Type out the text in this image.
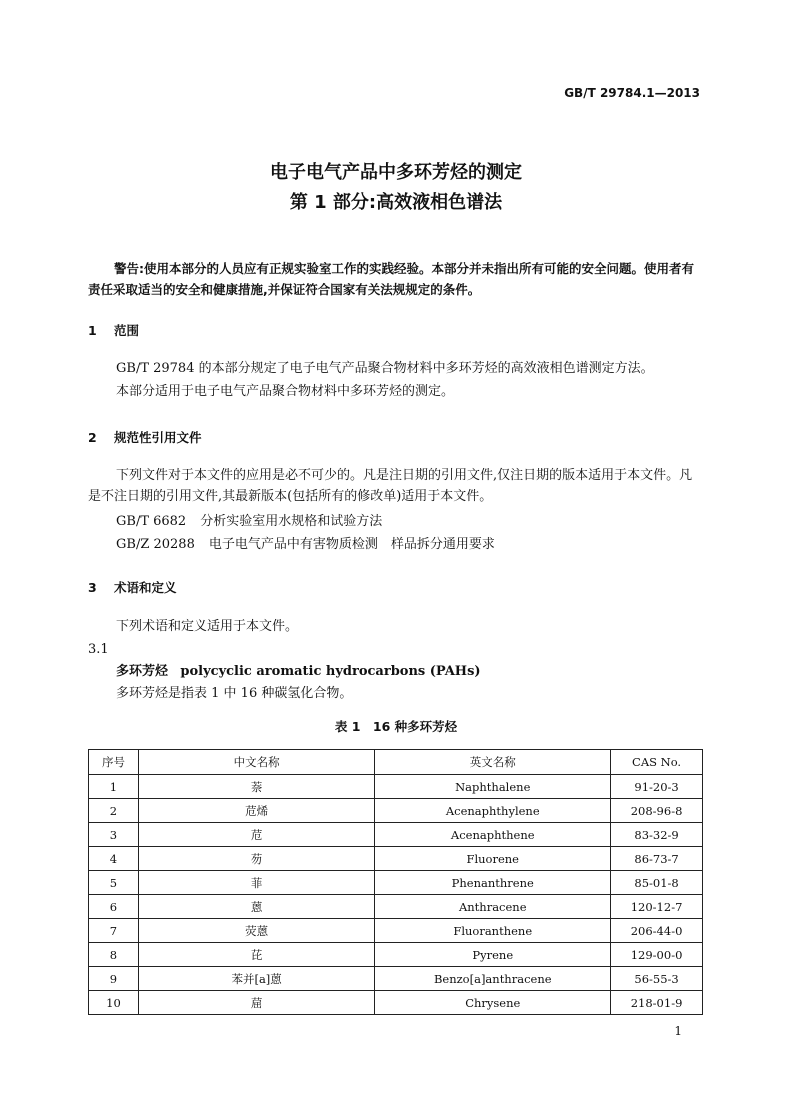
GB/T 29784.1—2013
电子电气产品中多环芳烃的测定
第 1 部分:高效液相色谱法
警告:使用本部分的人员应有正规实验室工作的实践经验。本部分并未指出所有可能的安全问题。使用者有责任采取适当的安全和健康措施,并保证符合国家有关法规规定的条件。
1 范围
GB/T 29784 的本部分规定了电子电气产品聚合物材料中多环芳烃的高效液相色谱测定方法。
本部分适用于电子电气产品聚合物材料中多环芳烃的测定。
2 规范性引用文件
下列文件对于本文件的应用是必不可少的。凡是注日期的引用文件,仅注日期的版本适用于本文件。凡是不注日期的引用文件,其最新版本(包括所有的修改单)适用于本文件。
GB/T 6682 分析实验室用水规格和试验方法
GB/Z 20288 电子电气产品中有害物质检测　样品拆分通用要求
3 术语和定义
下列术语和定义适用于本文件。
3.1
多环芳烃 polycyclic aromatic hydrocarbons (PAHs)
多环芳烃是指表 1 中 16 种碳氢化合物。
表 1　16 种多环芳烃
序号	中文名称	英文名称	CAS No.
1	萘	Naphthalene	91-20-3
2	苊烯	Acenaphthylene	208-96-8
3	苊	Acenaphthene	83-32-9
4	芴	Fluorene	86-73-7
5	菲	Phenanthrene	85-01-8
6	蒽	Anthracene	120-12-7
7	荧蒽	Fluoranthene	206-44-0
8	芘	Pyrene	129-00-0
9	苯并[a]蒽	Benzo[a]anthracene	56-55-3
10	䓛	Chrysene	218-01-9
1
